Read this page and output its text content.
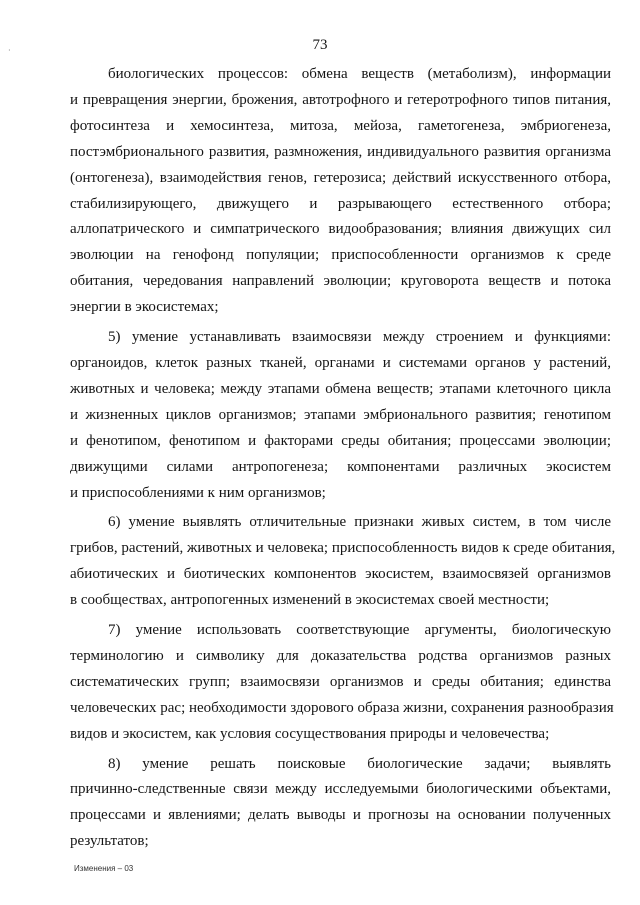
·	73
биологических процессов: обмена веществ (метаболизм), информации
и превращения энергии, брожения, автотрофного и гетеротрофного типов питания,
фотосинтеза и хемосинтеза, митоза, мейоза, гаметогенеза, эмбриогенеза,
постэмбрионального развития, размножения, индивидуального развития организма
(онтогенеза), взаимодействия генов, гетерозиса; действий искусственного отбора,
стабилизирующего, движущего и разрывающего естественного отбора;
аллопатрического и симпатрического видообразования; влияния движущих сил
эволюции на генофонд популяции; приспособленности организмов к среде
обитания, чередования направлений эволюции; круговорота веществ и потока
энергии в экосистемах;
5) умение устанавливать взаимосвязи между строением и функциями:
органоидов, клеток разных тканей, органами и системами органов у растений,
животных и человека; между этапами обмена веществ; этапами клеточного цикла
и жизненных циклов организмов; этапами эмбрионального развития; генотипом
и фенотипом, фенотипом и факторами среды обитания; процессами эволюции;
движущими силами антропогенеза; компонентами различных экосистем
и приспособлениями к ним организмов;
6) умение выявлять отличительные признаки живых систем, в том числе
грибов, растений, животных и человека; приспособленность видов к среде обитания,
абиотических и биотических компонентов экосистем, взаимосвязей организмов
в сообществах, антропогенных изменений в экосистемах своей местности;
7) умение использовать соответствующие аргументы, биологическую
терминологию и символику для доказательства родства организмов разных
систематических групп; взаимосвязи организмов и среды обитания; единства
человеческих рас; необходимости здорового образа жизни, сохранения разнообразия
видов и экосистем, как условия сосуществования природы и человечества;
8) умение решать поисковые биологические задачи; выявлять
причинно-следственные связи между исследуемыми биологическими объектами,
процессами и явлениями; делать выводы и прогнозы на основании полученных
результатов;
Изменения – 03
